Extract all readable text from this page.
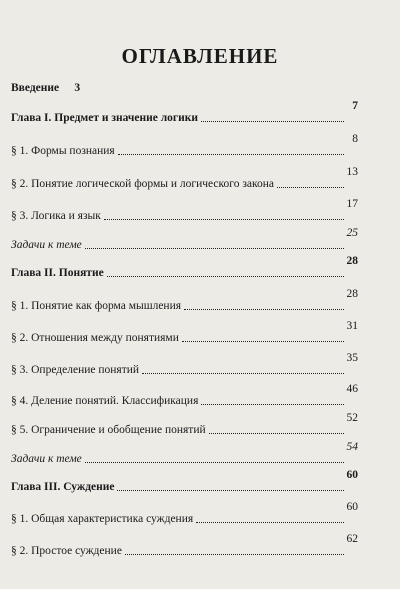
ОГЛАВЛЕНИЕ
Введение	3
Глава I. Предмет и значение логики
7
§ 1. Формы познания
8
§ 2. Понятие логической формы и логического закона
13
§ 3. Логика и язык
17
Задачи к теме
25
Глава II. Понятие
28
§ 1. Понятие как форма мышления
28
§ 2. Отношения между понятиями
31
§ 3. Определение понятий
35
§ 4. Деление понятий. Классификация
46
§ 5. Ограничение и обобщение понятий
52
Задачи к теме
54
Глава III. Суждение
60
§ 1. Общая характеристика суждения
60
§ 2. Простое суждение
62
